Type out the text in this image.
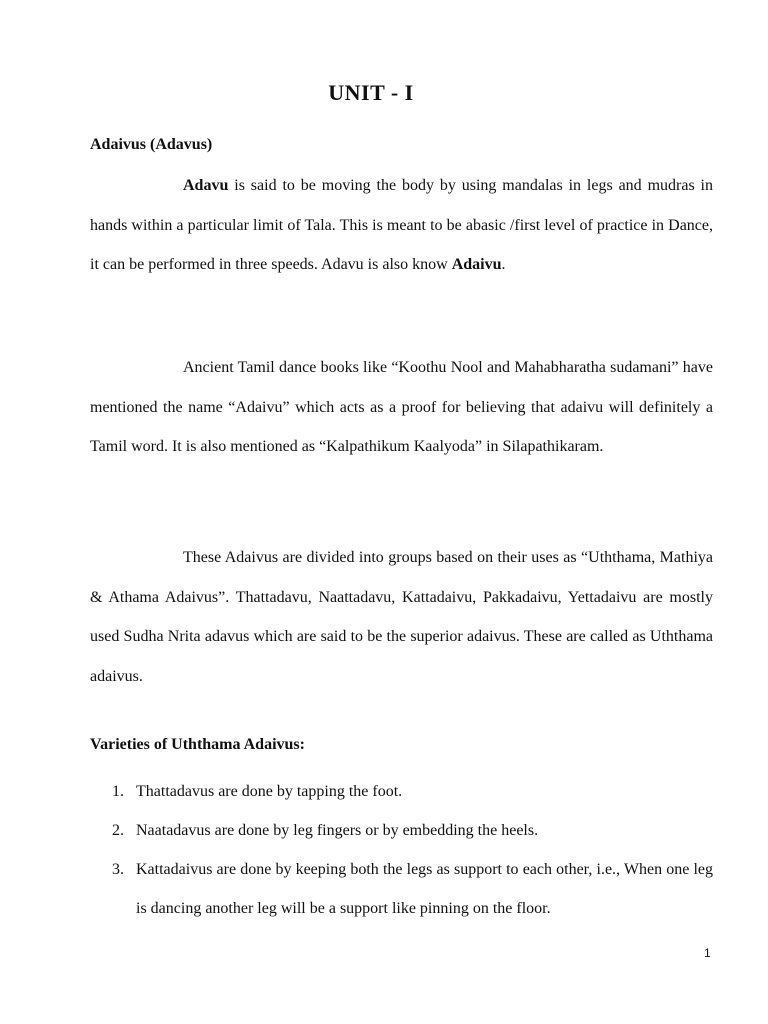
UNIT - I
Adaivus (Adavus)
Adavu is said to be moving the body by using mandalas in legs and mudras in hands within a particular limit of Tala. This is meant to be abasic /first level of practice in Dance, it can be performed in three speeds. Adavu is also know Adaivu.
Ancient Tamil dance books like “Koothu Nool and Mahabharatha sudamani” have mentioned the name “Adaivu” which acts as a proof for believing that adaivu will definitely a Tamil word. It is also mentioned as “Kalpathikum Kaalyoda” in Silapathikaram.
These Adaivus are divided into groups based on their uses as “Uththama, Mathiya & Athama Adaivus”. Thattadavu, Naattadavu, Kattadaivu, Pakkadaivu, Yettadaivu are mostly used Sudha Nrita adavus which are said to be the superior adaivus. These are called as Uththama adaivus.
Varieties of Uththama Adaivus:
1. Thattadavus are done by tapping the foot.
2. Naatadavus are done by leg fingers or by embedding the heels.
3. Kattadaivus are done by keeping both the legs as support to each other, i.e., When one leg is dancing another leg will be a support like pinning on the floor.
1
